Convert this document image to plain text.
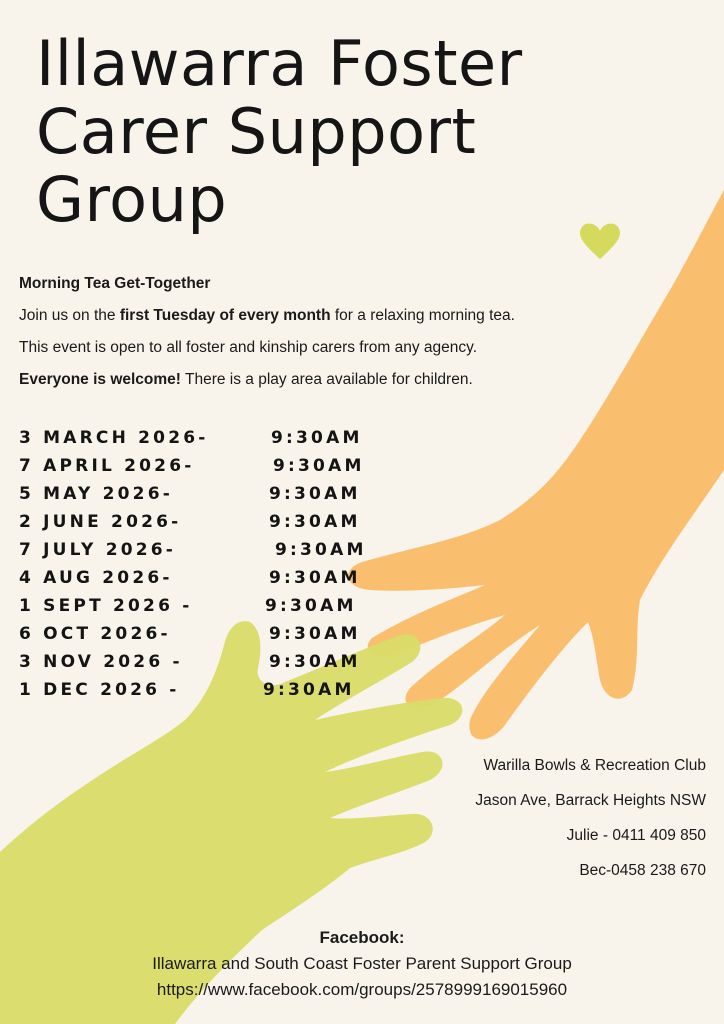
Illawarra Foster
Carer Support
Group
Morning Tea Get-Together
Join us on the first Tuesday of every month for a relaxing morning tea.
This event is open to all foster and kinship carers from any agency.
Everyone is welcome! There is a play area available for children.
3 MARCH 2026-	9:30AM
7 APRIL 2026-	9:30AM
5 MAY 2026-	9:30AM
2 JUNE 2026-	9:30AM
7 JULY 2026-	9:30AM
4 AUG 2026-	9:30AM
1 SEPT 2026 -	9:30AM
6 OCT 2026-	9:30AM
3 NOV 2026 -	9:30AM
1 DEC 2026 -	9:30AM
Warilla Bowls & Recreation Club
Jason Ave, Barrack Heights NSW
Julie - 0411 409 850
Bec-0458 238 670
Facebook:
Illawarra and South Coast Foster Parent Support Group
https://www.facebook.com/groups/2578999169015960
